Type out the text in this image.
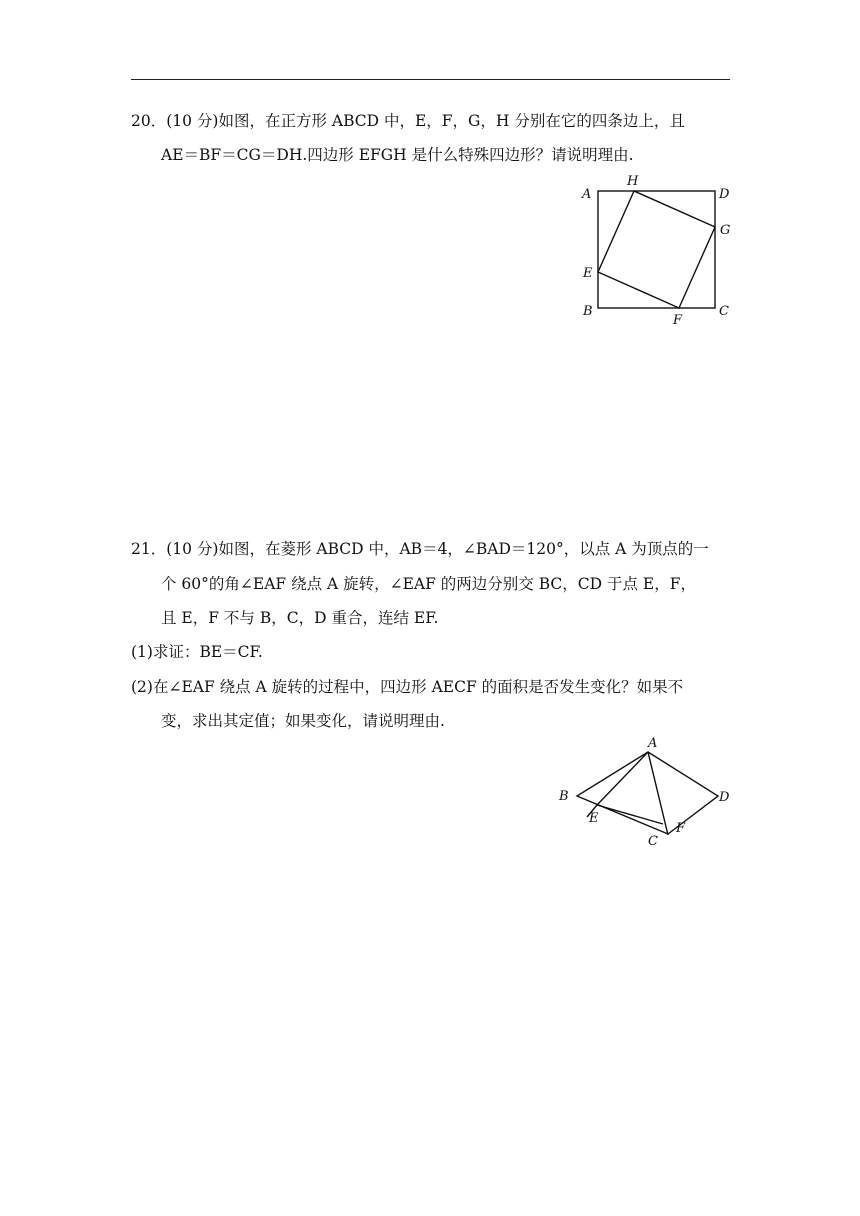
20．(10 分)如图，在正方形 ABCD 中，E，F，G，H 分别在它的四条边上，且
AE＝BF＝CG＝DH.四边形 EFGH 是什么特殊四边形？请说明理由.
A
H
D
G
E
B
F
C
21．(10 分)如图，在菱形 ABCD 中，AB＝4，∠BAD＝120°，以点 A 为顶点的一
个 60°的角∠EAF 绕点 A 旋转，∠EAF 的两边分别交 BC，CD 于点 E，F，
且 E，F 不与 B，C，D 重合，连结 EF.
(1)求证：BE＝CF.
(2)在∠EAF 绕点 A 旋转的过程中，四边形 AECF 的面积是否发生变化？如果不
变，求出其定值；如果变化，请说明理由.
A
B	D
E
F
C
